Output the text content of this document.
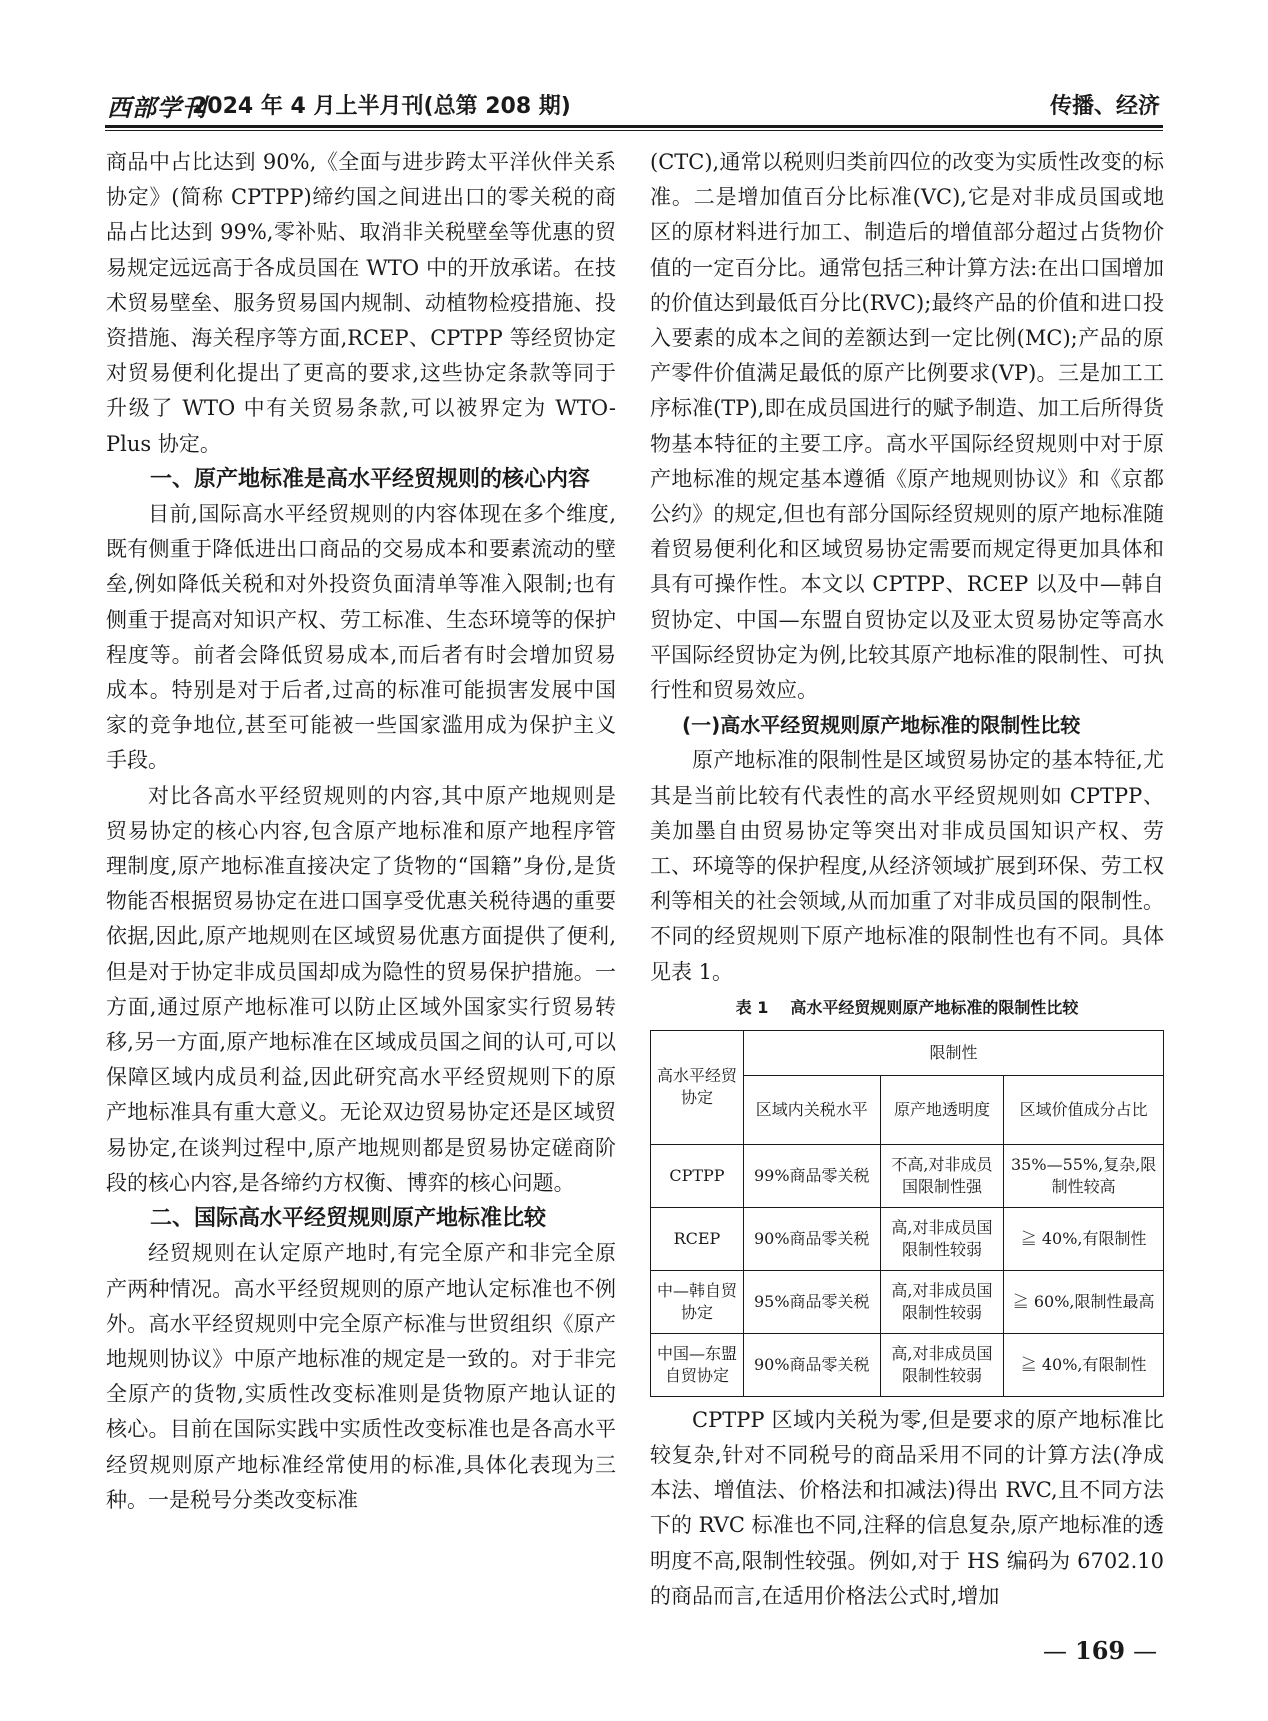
西部学刊
2024 年 4 月上半月刊(总第 208 期)	传播、经济

商品中占比达到 90%,《全面与进步跨太平洋伙伴关系协定》(简称 CPTPP)缔约国之间进出口的零关税的商品占比达到 99%,零补贴、取消非关税壁垒等优惠的贸易规定远远高于各成员国在 WTO 中的开放承诺。在技术贸易壁垒、服务贸易国内规制、动植物检疫措施、投资措施、海关程序等方面,RCEP、CPTPP 等经贸协定对贸易便利化提出了更高的要求,这些协定条款等同于升级了 WTO 中有关贸易条款,可以被界定为 WTO-Plus 协定。

一、原产地标准是高水平经贸规则的核心内容

目前,国际高水平经贸规则的内容体现在多个维度,既有侧重于降低进出口商品的交易成本和要素流动的壁垒,例如降低关税和对外投资负面清单等准入限制;也有侧重于提高对知识产权、劳工标准、生态环境等的保护程度等。前者会降低贸易成本,而后者有时会增加贸易成本。特别是对于后者,过高的标准可能损害发展中国家的竞争地位,甚至可能被一些国家滥用成为保护主义手段。

对比各高水平经贸规则的内容,其中原产地规则是贸易协定的核心内容,包含原产地标准和原产地程序管理制度,原产地标准直接决定了货物的“国籍”身份,是货物能否根据贸易协定在进口国享受优惠关税待遇的重要依据,因此,原产地规则在区域贸易优惠方面提供了便利,但是对于协定非成员国却成为隐性的贸易保护措施。一方面,通过原产地标准可以防止区域外国家实行贸易转移,另一方面,原产地标准在区域成员国之间的认可,可以保障区域内成员利益,因此研究高水平经贸规则下的原产地标准具有重大意义。无论双边贸易协定还是区域贸易协定,在谈判过程中,原产地规则都是贸易协定磋商阶段的核心内容,是各缔约方权衡、博弈的核心问题。

二、国际高水平经贸规则原产地标准比较

经贸规则在认定原产地时,有完全原产和非完全原产两种情况。高水平经贸规则的原产地认定标准也不例外。高水平经贸规则中完全原产标准与世贸组织《原产地规则协议》中原产地标准的规定是一致的。对于非完全原产的货物,实质性改变标准则是货物原产地认证的核心。目前在国际实践中实质性改变标准也是各高水平经贸规则原产地标准经常使用的标准,具体化表现为三种。一是税号分类改变标准

(CTC),通常以税则归类前四位的改变为实质性改变的标准。二是增加值百分比标准(VC),它是对非成员国或地区的原材料进行加工、制造后的增值部分超过占货物价值的一定百分比。通常包括三种计算方法:在出口国增加的价值达到最低百分比(RVC);最终产品的价值和进口投入要素的成本之间的差额达到一定比例(MC);产品的原产零件价值满足最低的原产比例要求(VP)。三是加工工序标准(TP),即在成员国进行的赋予制造、加工后所得货物基本特征的主要工序。高水平国际经贸规则中对于原产地标准的规定基本遵循《原产地规则协议》和《京都公约》的规定,但也有部分国际经贸规则的原产地标准随着贸易便利化和区域贸易协定需要而规定得更加具体和具有可操作性。本文以 CPTPP、RCEP 以及中—韩自贸协定、中国—东盟自贸协定以及亚太贸易协定等高水平国际经贸协定为例,比较其原产地标准的限制性、可执行性和贸易效应。

(一)高水平经贸规则原产地标准的限制性比较

原产地标准的限制性是区域贸易协定的基本特征,尤其是当前比较有代表性的高水平经贸规则如 CPTPP、美加墨自由贸易协定等突出对非成员国知识产权、劳工、环境等的保护程度,从经济领域扩展到环保、劳工权利等相关的社会领域,从而加重了对非成员国的限制性。不同的经贸规则下原产地标准的限制性也有不同。具体见表 1。

表 1 高水平经贸规则原产地标准的限制性比较
高水平经贸协定	限制性		
	区域内关税水平	原产地透明度	区域价值成分占比
CPTPP	99%商品零关税	不高,对非成员国限制性强	35%—55%,复杂,限制性较高
RCEP	90%商品零关税	高,对非成员国限制性较弱	≧ 40%,有限制性
中—韩自贸协定	95%商品零关税	高,对非成员国限制性较弱	≧ 60%,限制性最高
中国—东盟自贸协定	90%商品零关税	高,对非成员国限制性较弱	≧ 40%,有限制性

CPTPP 区域内关税为零,但是要求的原产地标准比较复杂,针对不同税号的商品采用不同的计算方法(净成本法、增值法、价格法和扣减法)得出 RVC,且不同方法下的 RVC 标准也不同,注释的信息复杂,原产地标准的透明度不高,限制性较强。例如,对于 HS 编码为 6702.10 的商品而言,在适用价格法公式时,增加

— 169 —
